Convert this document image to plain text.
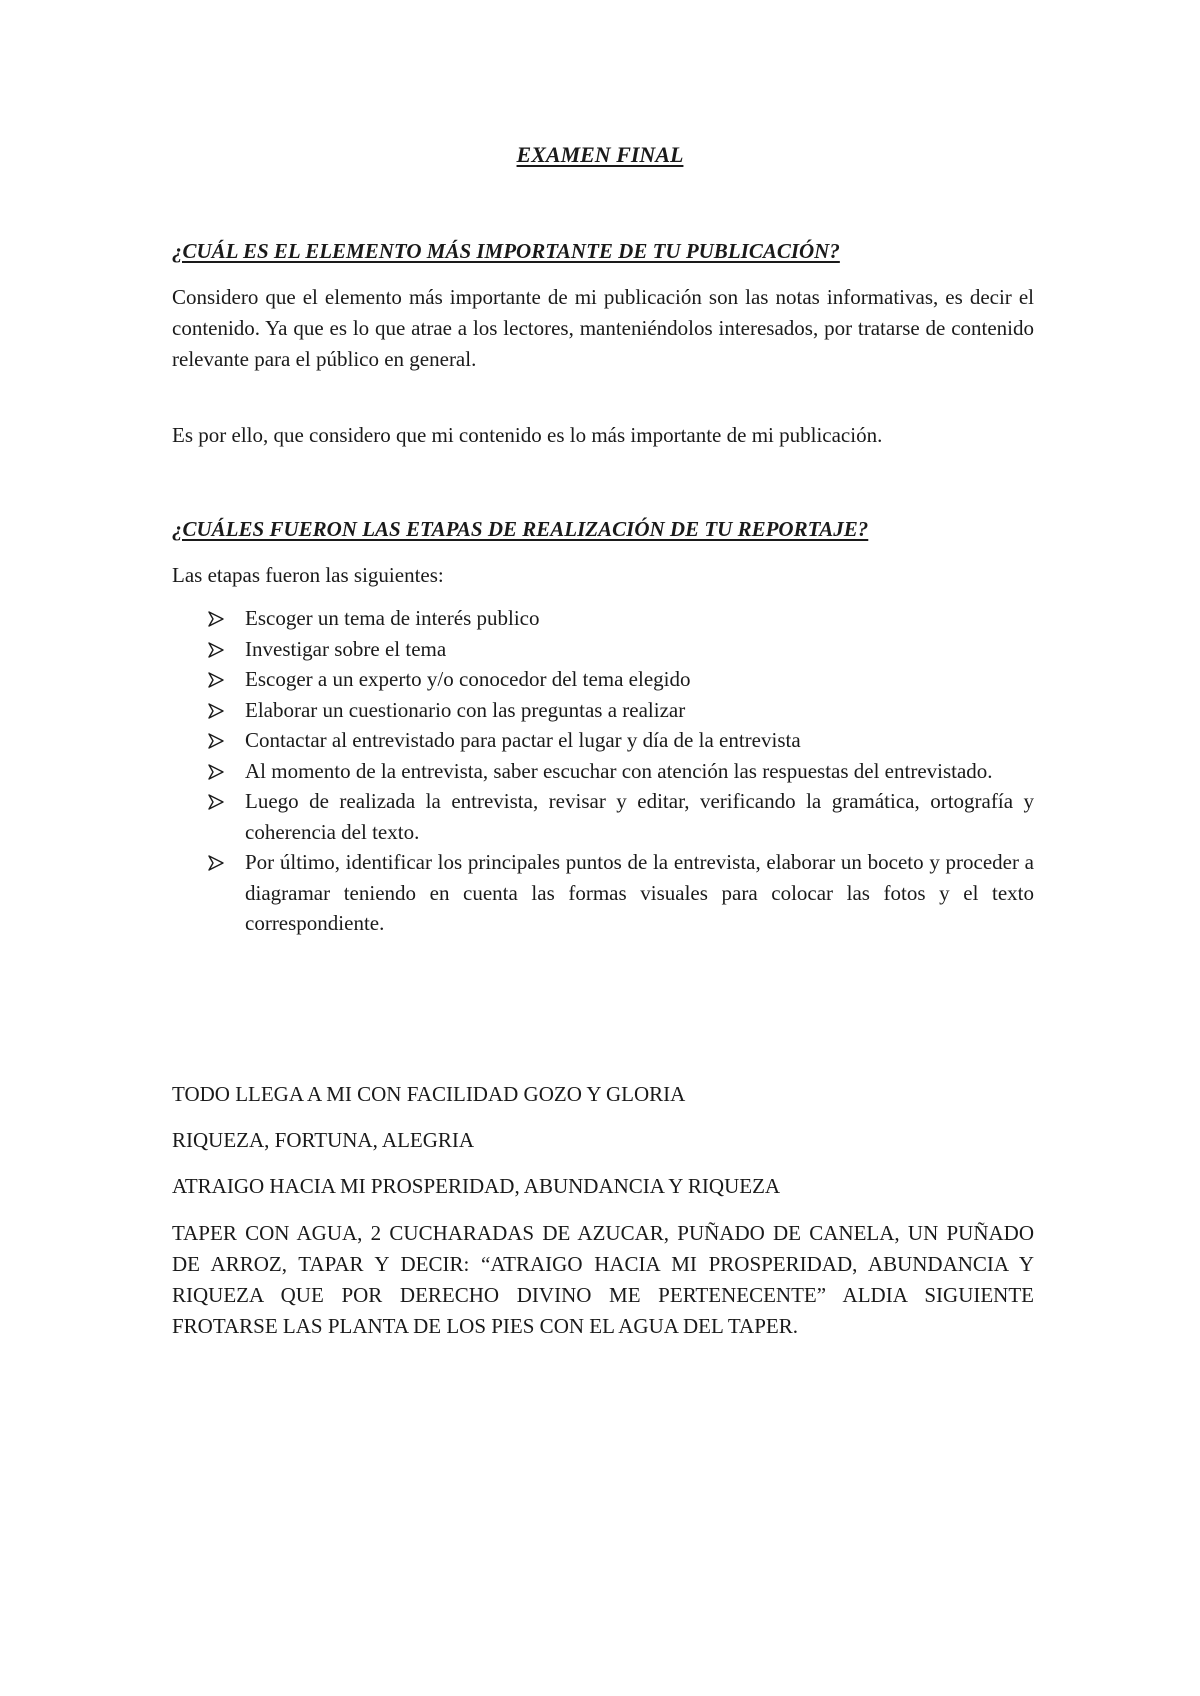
EXAMEN FINAL
¿CUÁL ES EL ELEMENTO MÁS IMPORTANTE DE TU PUBLICACIÓN?

Considero que el elemento más importante de mi publicación son las notas informativas, es decir el contenido. Ya que es lo que atrae a los lectores, manteniéndolos interesados, por tratarse de contenido relevante para el público en general.

Es por ello, que considero que mi contenido es lo más importante de mi publicación.

¿CUÁLES FUERON LAS ETAPAS DE REALIZACIÓN DE TU REPORTAJE?

Las etapas fueron las siguientes:

Escoger un tema de interés publico
Investigar sobre el tema
Escoger a un experto y/o conocedor del tema elegido
Elaborar un cuestionario con las preguntas a realizar
Contactar al entrevistado para pactar el lugar y día de la entrevista
Al momento de la entrevista, saber escuchar con atención las respuestas del entrevistado.
Luego de realizada la entrevista, revisar y editar, verificando la gramática, ortografía y coherencia del texto.
Por último, identificar los principales puntos de la entrevista, elaborar un boceto y proceder a diagramar teniendo en cuenta las formas visuales para colocar las fotos y el texto correspondiente.

TODO LLEGA A MI CON FACILIDAD GOZO Y GLORIA

RIQUEZA, FORTUNA, ALEGRIA

ATRAIGO HACIA MI PROSPERIDAD, ABUNDANCIA Y RIQUEZA

TAPER CON AGUA, 2 CUCHARADAS DE AZUCAR, PUÑADO DE CANELA, UN PUÑADO DE ARROZ, TAPAR Y DECIR: “ATRAIGO HACIA MI PROSPERIDAD, ABUNDANCIA Y RIQUEZA QUE POR DERECHO DIVINO ME PERTENECENTE” ALDIA SIGUIENTE FROTARSE LAS PLANTA DE LOS PIES CON EL AGUA DEL TAPER.
